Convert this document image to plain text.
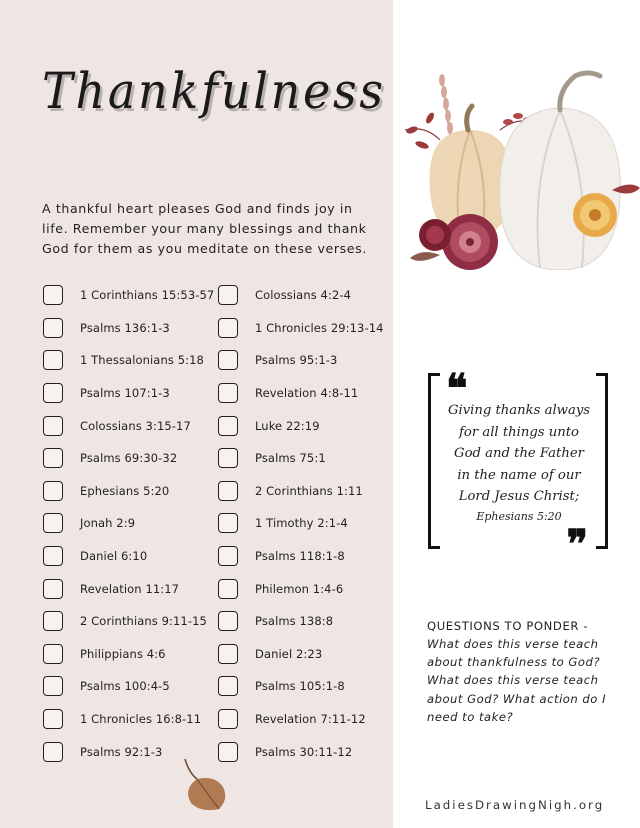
Thankfulness

A thankful heart pleases God and finds joy in life. Remember your many blessings and thank God for them as you meditate on these verses.

1 Corinthians 15:53-57
Psalms 136:1-3
1 Thessalonians 5:18
Psalms 107:1-3
Colossians 3:15-17
Psalms 69:30-32
Ephesians 5:20
Jonah 2:9
Daniel 6:10
Revelation 11:17
2 Corinthians 9:11-15
Philippians 4:6
Psalms 100:4-5
1 Chronicles 16:8-11
Psalms 92:1-3
Colossians 4:2-4
1 Chronicles 29:13-14
Psalms 95:1-3
Revelation 4:8-11
Luke 22:19
Psalms 75:1
2 Corinthians 1:11
1 Timothy 2:1-4
Psalms 118:1-8
Philemon 1:4-6
Psalms 138:8
Daniel 2:23
Psalms 105:1-8
Revelation 7:11-12
Psalms 30:11-12
❝
Giving thanks always
for all things unto
God and the Father
in the name of our
Lord Jesus Christ;
Ephesians 5:20
❞
QUESTIONS TO PONDER -
What does this verse teach about thankfulness to God? What does this verse teach about God? What action do I need to take?
LadiesDrawingNigh.org
